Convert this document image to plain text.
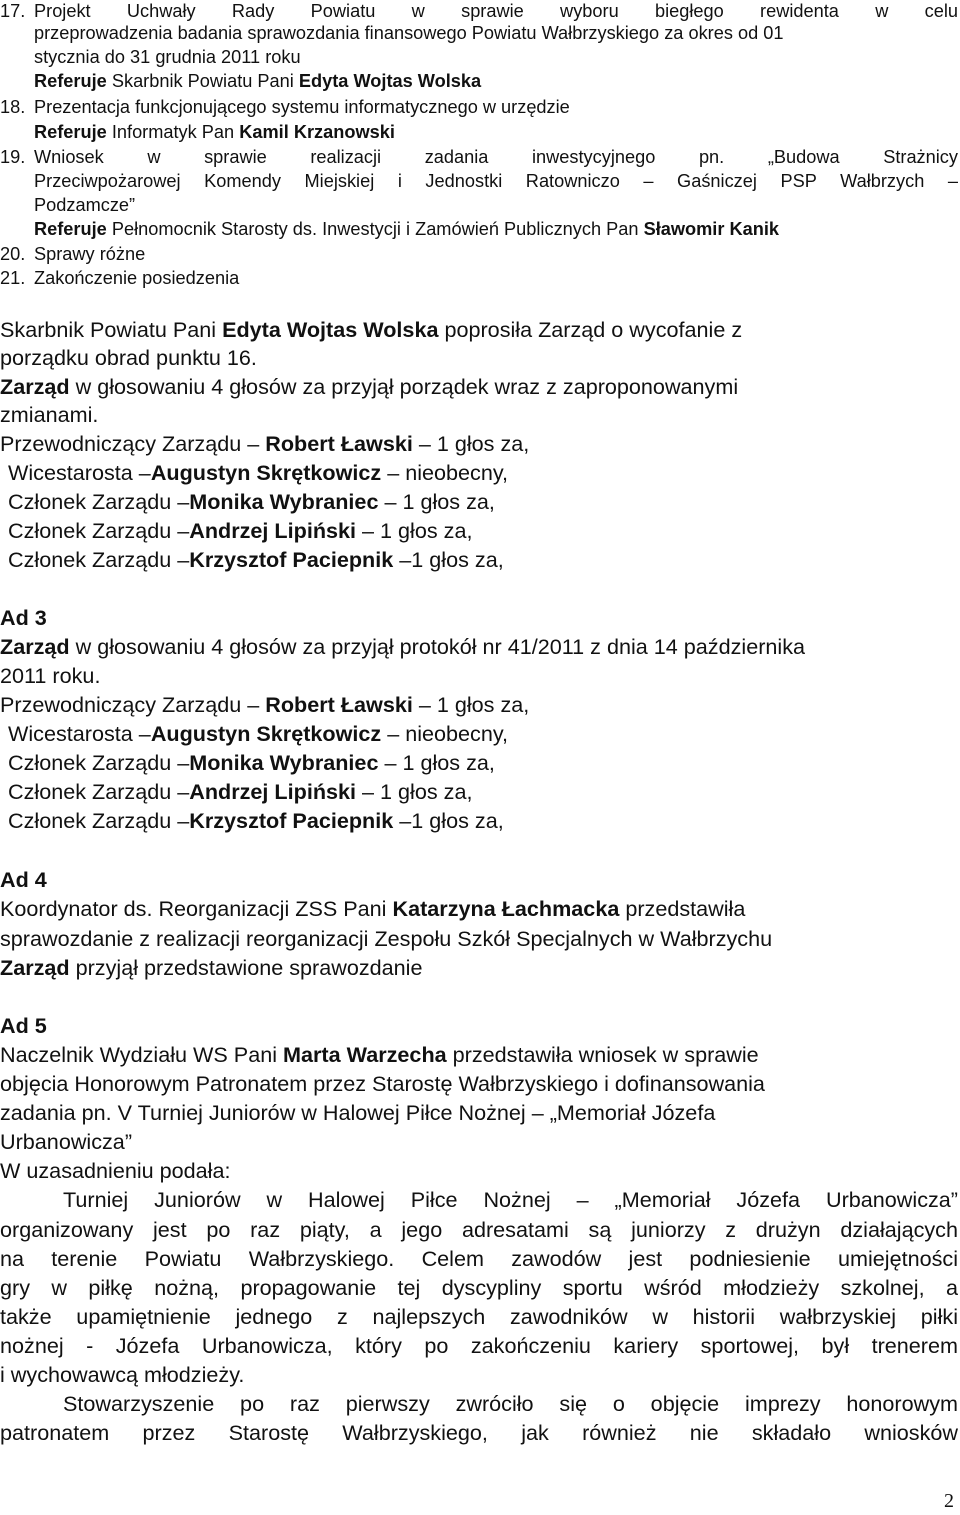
17. Projekt Uchwały Rady Powiatu w sprawie wyboru biegłego rewidenta w celu
przeprowadzenia badania sprawozdania finansowego Powiatu Wałbrzyskiego za okres od 01
stycznia do 31 grudnia 2011 roku
Referuje Skarbnik Powiatu Pani Edyta Wojtas Wolska
18. Prezentacja funkcjonującego systemu informatycznego w urzędzie
Referuje Informatyk Pan Kamil Krzanowski
19. Wniosek w sprawie realizacji zadania inwestycyjnego pn. „Budowa Strażnicy
Przeciwpożarowej Komendy Miejskiej i Jednostki Ratowniczo – Gaśniczej PSP Wałbrzych –
Podzamcze”
Referuje Pełnomocnik Starosty ds. Inwestycji i Zamówień Publicznych Pan Sławomir Kanik
20. Sprawy różne
21. Zakończenie posiedzenia
Skarbnik Powiatu Pani Edyta Wojtas Wolska poprosiła Zarząd o wycofanie z
porządku obrad punktu 16.
Zarząd w głosowaniu 4 głosów za przyjął porządek wraz z zaproponowanymi
zmianami.
Przewodniczący Zarządu – Robert Ławski – 1 głos za,
Wicestarosta –Augustyn Skrętkowicz – nieobecny,
Członek Zarządu –Monika Wybraniec – 1 głos za,
Członek Zarządu –Andrzej Lipiński – 1 głos za,
Członek Zarządu –Krzysztof Paciepnik –1 głos za,
Ad 3
Zarząd w głosowaniu 4 głosów za przyjął protokół nr 41/2011 z dnia 14 października
2011 roku.
Przewodniczący Zarządu – Robert Ławski – 1 głos za,
Wicestarosta –Augustyn Skrętkowicz – nieobecny,
Członek Zarządu –Monika Wybraniec – 1 głos za,
Członek Zarządu –Andrzej Lipiński – 1 głos za,
Członek Zarządu –Krzysztof Paciepnik –1 głos za,
Ad 4
Koordynator ds. Reorganizacji ZSS Pani Katarzyna Łachmacka przedstawiła
sprawozdanie z realizacji reorganizacji Zespołu Szkół Specjalnych w Wałbrzychu
Zarząd przyjął przedstawione sprawozdanie
Ad 5
Naczelnik Wydziału WS Pani Marta Warzecha przedstawiła wniosek w sprawie
objęcia Honorowym Patronatem przez Starostę Wałbrzyskiego i dofinansowania
zadania pn. V Turniej Juniorów w Halowej Piłce Nożnej – „Memoriał Józefa
Urbanowicza”
W uzasadnieniu podała:
Turniej Juniorów w Halowej Piłce Nożnej – „Memoriał Józefa Urbanowicza”
organizowany jest po raz piąty, a jego adresatami są juniorzy z drużyn działających
na terenie Powiatu Wałbrzyskiego. Celem zawodów jest podniesienie umiejętności
gry w piłkę nożną, propagowanie tej dyscypliny sportu wśród młodzieży szkolnej, a
także upamiętnienie jednego z najlepszych zawodników w historii wałbrzyskiej piłki
nożnej - Józefa Urbanowicza, który po zakończeniu kariery sportowej, był trenerem
i wychowawcą młodzieży.
Stowarzyszenie po raz pierwszy zwróciło się o objęcie imprezy honorowym
patronatem przez Starostę Wałbrzyskiego, jak również nie składało wniosków
2
